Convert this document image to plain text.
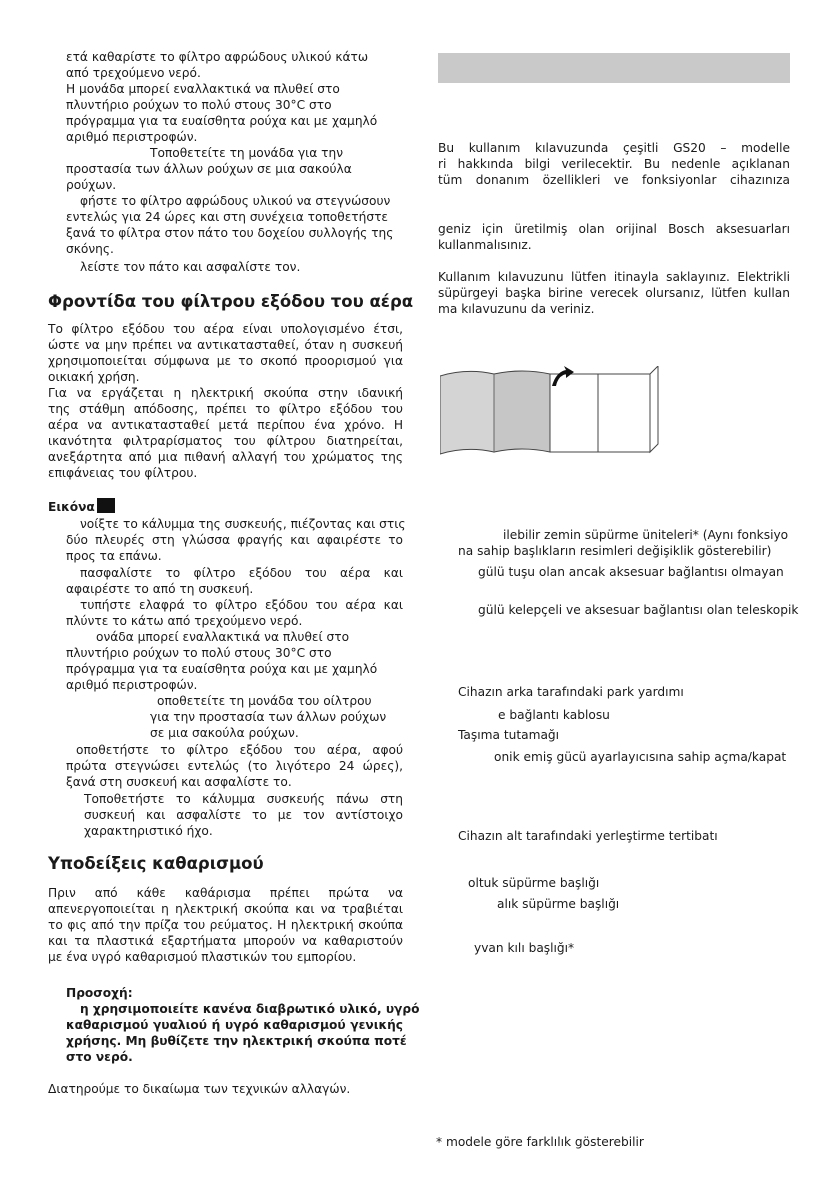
ετά καθαρίστε το φίλτρο αφρώδους υλικού κάτω
από τρεχούμενο νερό.
Η μονάδα μπορεί εναλλακτικά να πλυθεί στο
πλυντήριο ρούχων το πολύ στους 30°C στο
πρόγραμμα για τα ευαίσθητα ρούχα και με χαμηλό
αριθμό περιστροφών.
Τοποθετείτε τη μονάδα για την
προστασία των άλλων ρούχων σε μια σακούλα
ρούχων.
φήστε το φίλτρο αφρώδους υλικού να στεγνώσουν
εντελώς για 24 ώρες και στη συνέχεια τοποθετήστε
ξανά το φίλτρα στον πάτο του δοχείου συλλογής της
σκόνης.
λείστε τον πάτο και ασφαλίστε τον.
Φροντίδα του φίλτρου εξόδου του αέρα
Το φίλτρο εξόδου του αέρα είναι υπολογισμένο έτσι,
ώστε να μην πρέπει να αντικατασταθεί, όταν η συσκευή
χρησιμοποιείται σύμφωνα με το σκοπό προορισμού για
οικιακή χρήση.
Για να εργάζεται η ηλεκτρική σκούπα στην ιδανική
της στάθμη απόδοσης, πρέπει το φίλτρο εξόδου του
αέρα να αντικατασταθεί μετά περίπου ένα χρόνο. Η
ικανότητα φιλτραρίσματος του φίλτρου διατηρείται,
ανεξάρτητα από μια πιθανή αλλαγή του χρώματος της
επιφάνειας του φίλτρου.
Εικόνα
νοίξτε το κάλυμμα της συσκευής, πιέζοντας και στις
δύο πλευρές στη γλώσσα φραγής και αφαιρέστε το
προς τα επάνω.
πασφαλίστε το φίλτρο εξόδου του αέρα και
αφαιρέστε το από τη συσκευή.
τυπήστε ελαφρά το φίλτρο εξόδου του αέρα και
πλύντε το κάτω από τρεχούμενο νερό.
ονάδα μπορεί εναλλακτικά να πλυθεί στο
πλυντήριο ρούχων το πολύ στους 30°C στο
πρόγραμμα για τα ευαίσθητα ρούχα και με χαμηλό
αριθμό περιστροφών.
οποθετείτε τη μονάδα του οίλτρου
για την προστασία των άλλων ρούχων
σε μια σακούλα ρούχων.
οποθετήστε το φίλτρο εξόδου του αέρα, αφού
πρώτα στεγνώσει εντελώς (το λιγότερο 24 ώρες),
ξανά στη συσκευή και ασφαλίστε το.
Τοποθετήστε το κάλυμμα συσκευής πάνω στη
συσκευή και ασφαλίστε το με τον αντίστοιχο
χαρακτηριστικό ήχο.
Υποδείξεις καθαρισμού
Πριν από κάθε καθάρισμα πρέπει πρώτα να
απενεργοποιείται η ηλεκτρική σκούπα και να τραβιέται
το φις από την πρίζα του ρεύματος. Η ηλεκτρική σκούπα
και τα πλαστικά εξαρτήματα μπορούν να καθαριστούν
με ένα υγρό καθαρισμού πλαστικών του εμπορίου.
Προσοχή:
η χρησιμοποιείτε κανένα διαβρωτικό υλικό, υγρό
καθαρισμού γυαλιού ή υγρό καθαρισμού γενικής
χρήσης. Μη βυθίζετε την ηλεκτρική σκούπα ποτέ
στο νερό.
Διατηρούμε το δικαίωμα των τεχνικών αλλαγών.
Bu kullanım kılavuzunda çeşitli GS20 – modelle
ri hakkında bilgi verilecektir. Bu nedenle açıklanan
tüm donanım özellikleri ve fonksiyonlar cihazınıza
geniz için üretilmiş olan orijinal Bosch aksesuarları
kullanmalısınız.
Kullanım kılavuzunu lütfen itinayla saklayınız. Elektrikli
süpürgeyi başka birine verecek olursanız, lütfen kullan
ma kılavuzunu da veriniz.
ilebilir zemin süpürme üniteleri* (Aynı fonksiyo
na sahip başlıkların resimleri değişiklik gösterebilir)
gülü tuşu olan ancak aksesuar bağlantısı olmayan
gülü kelepçeli ve aksesuar bağlantısı olan teleskopik
Cihazın arka tarafındaki park yardımı
e bağlantı kablosu
Taşıma tutamağı
onik emiş gücü ayarlayıcısına sahip açma/kapat
Cihazın alt tarafındaki yerleştirme tertibatı
oltuk süpürme başlığı
alık süpürme başlığı
yvan kılı başlığı*
* modele göre farklılık gösterebilir
